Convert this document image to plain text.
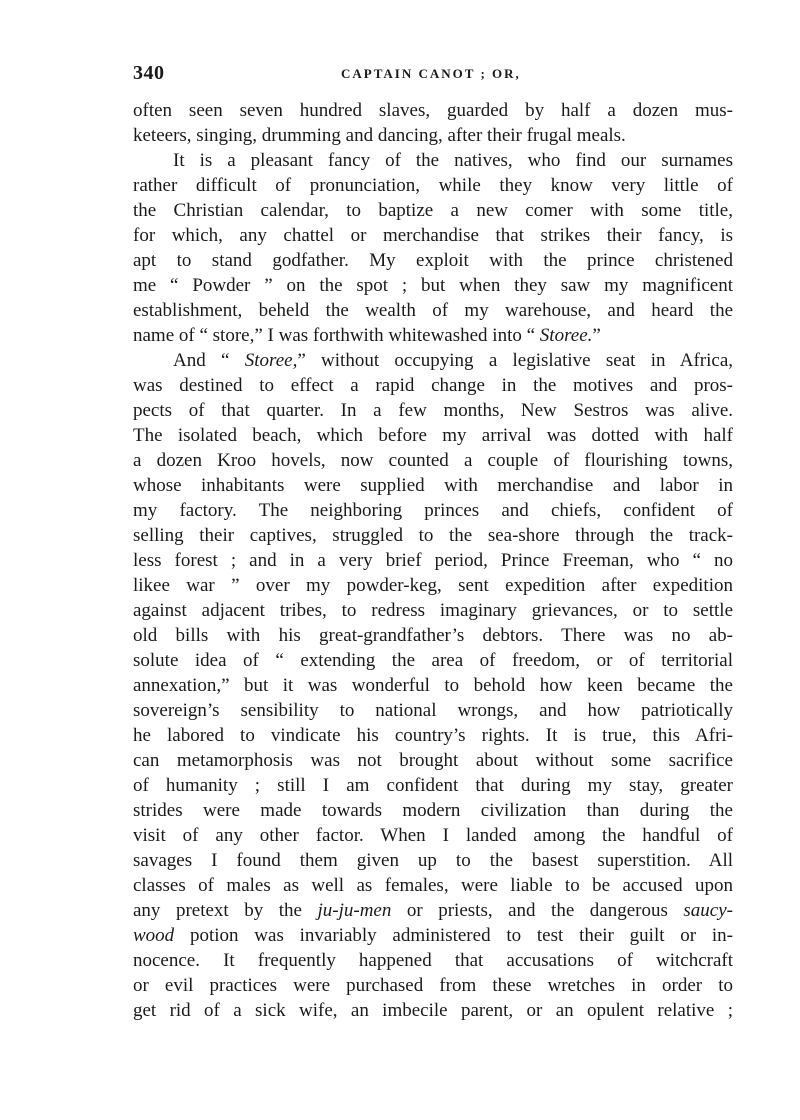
340	CAPTAIN CANOT ; OR,
often seen seven hundred slaves, guarded by half a dozen mus-
keteers, singing, drumming and dancing, after their frugal meals.
It is a pleasant fancy of the natives, who find our surnames
rather difficult of pronunciation, while they know very little of
the Christian calendar, to baptize a new comer with some title,
for which, any chattel or merchandise that strikes their fancy, is
apt to stand godfather. My exploit with the prince christened
me “ Powder ” on the spot ; but when they saw my magnificent
establishment, beheld the wealth of my warehouse, and heard the
name of “ store,” I was forthwith whitewashed into “ Storee.”
And “ Storee,” without occupying a legislative seat in Africa,
was destined to effect a rapid change in the motives and pros-
pects of that quarter. In a few months, New Sestros was alive.
The isolated beach, which before my arrival was dotted with half
a dozen Kroo hovels, now counted a couple of flourishing towns,
whose inhabitants were supplied with merchandise and labor in
my factory. The neighboring princes and chiefs, confident of
selling their captives, struggled to the sea-shore through the track-
less forest ; and in a very brief period, Prince Freeman, who “ no
likee war ” over my powder-keg, sent expedition after expedition
against adjacent tribes, to redress imaginary grievances, or to settle
old bills with his great-grandfather’s debtors. There was no ab-
solute idea of “ extending the area of freedom, or of territorial
annexation,” but it was wonderful to behold how keen became the
sovereign’s sensibility to national wrongs, and how patriotically
he labored to vindicate his country’s rights. It is true, this Afri-
can metamorphosis was not brought about without some sacrifice
of humanity ; still I am confident that during my stay, greater
strides were made towards modern civilization than during the
visit of any other factor. When I landed among the handful of
savages I found them given up to the basest superstition. All
classes of males as well as females, were liable to be accused upon
any pretext by the ju-ju-men or priests, and the dangerous saucy-
wood potion was invariably administered to test their guilt or in-
nocence. It frequently happened that accusations of witchcraft
or evil practices were purchased from these wretches in order to
get rid of a sick wife, an imbecile parent, or an opulent relative ;
